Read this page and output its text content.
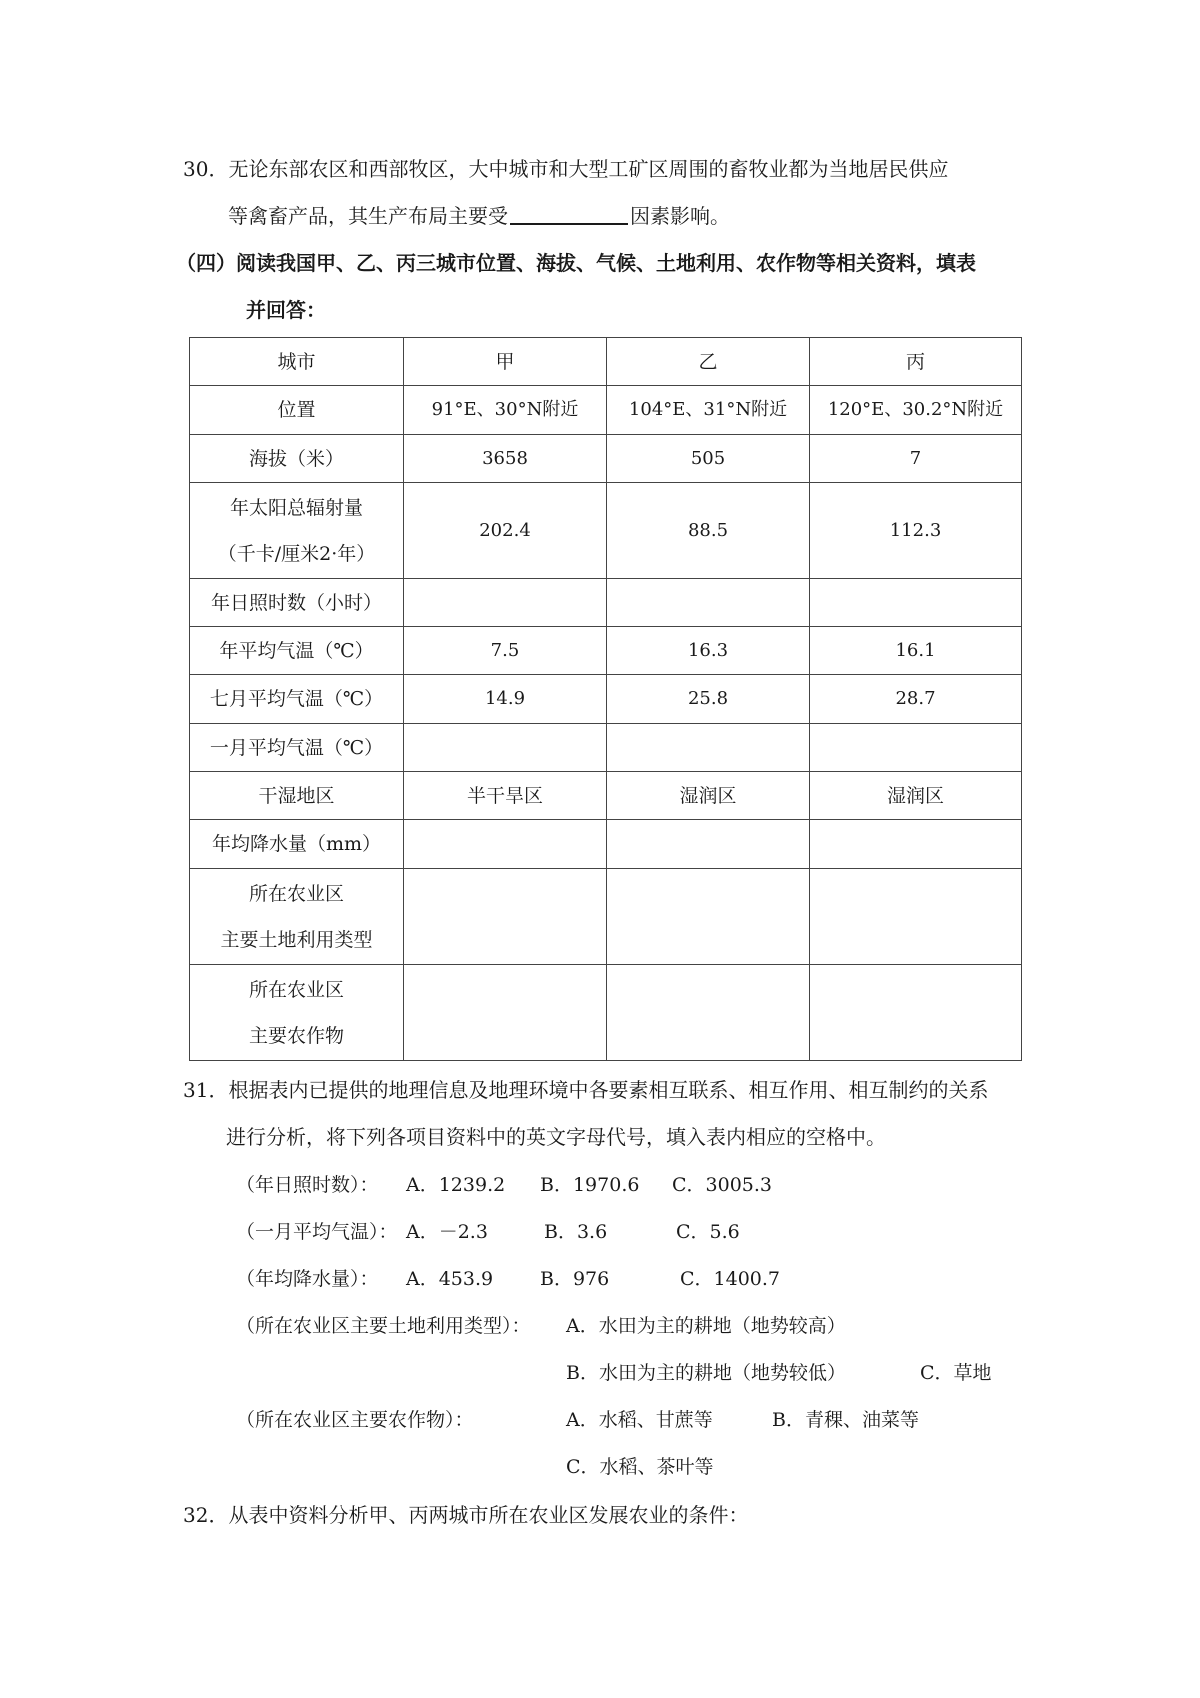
30．无论东部农区和西部牧区，大中城市和大型工矿区周围的畜牧业都为当地居民供应
等禽畜产品，其生产布局主要受	因素影响。
（四）阅读我国甲、乙、丙三城市位置、海拔、气候、土地利用、农作物等相关资料，填表
并回答：
城市	甲	乙	丙
位置	91°E、30°N附近	104°E、31°N附近	120°E、30.2°N附近
海拔（米）	3658	505	7

年太阳总辐射量
（千卡/厘米2·年）	202.4	88.5	112.3
年日照时数（小时）			
年平均气温（℃）	7.5	16.3	16.1
七月平均气温（℃）	14.9	25.8	28.7
一月平均气温（℃）			
干湿地区	半干旱区	湿润区	湿润区
年均降水量（mm）			

所在农业区
主要土地利用类型			

所在农业区
主要农作物			

31．根据表内已提供的地理信息及地理环境中各要素相互联系、相互作用、相互制约的关系
进行分析，将下列各项目资料中的英文字母代号，填入表内相应的空格中。
（年日照时数）： A．1239.2 B．1970.6 C．3005.3
（一月平均气温）： A．－2.3	B．3.6	C．5.6
（年均降水量）： A．453.9 B．976	C．1400.7
（所在农业区主要土地利用类型）： A．水田为主的耕地（地势较高）
B．水田为主的耕地（地势较低）	C．草地
（所在农业区主要农作物）：	A．水稻、甘蔗等	B．青稞、油菜等
C．水稻、茶叶等
32．从表中资料分析甲、丙两城市所在农业区发展农业的条件：
